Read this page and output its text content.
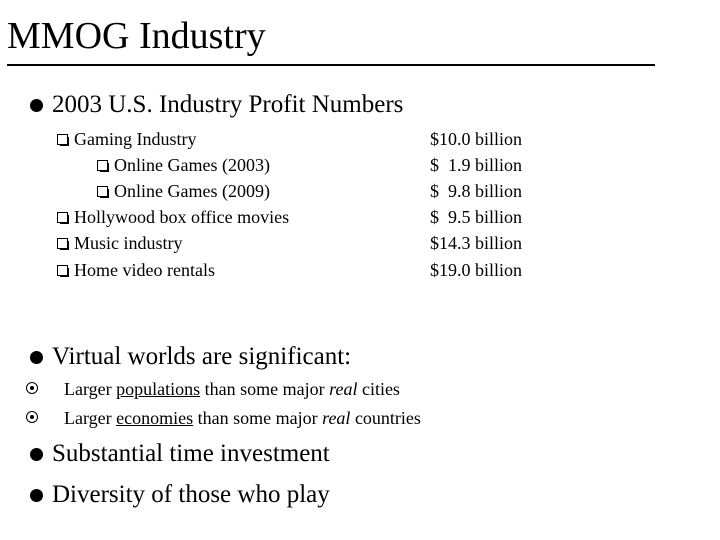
MMOG Industry
2003 U.S. Industry Profit Numbers
Gaming Industry	$10.0 billion
Online Games (2003)	$  1.9 billion
Online Games (2009)	$  9.8 billion
Hollywood box office movies	$  9.5 billion
Music industry	$14.3 billion
Home video rentals	$19.0 billion
Virtual worlds are significant:
Larger populations than some major real cities
Larger economies than some major real countries
Substantial time investment
Diversity of those who play
